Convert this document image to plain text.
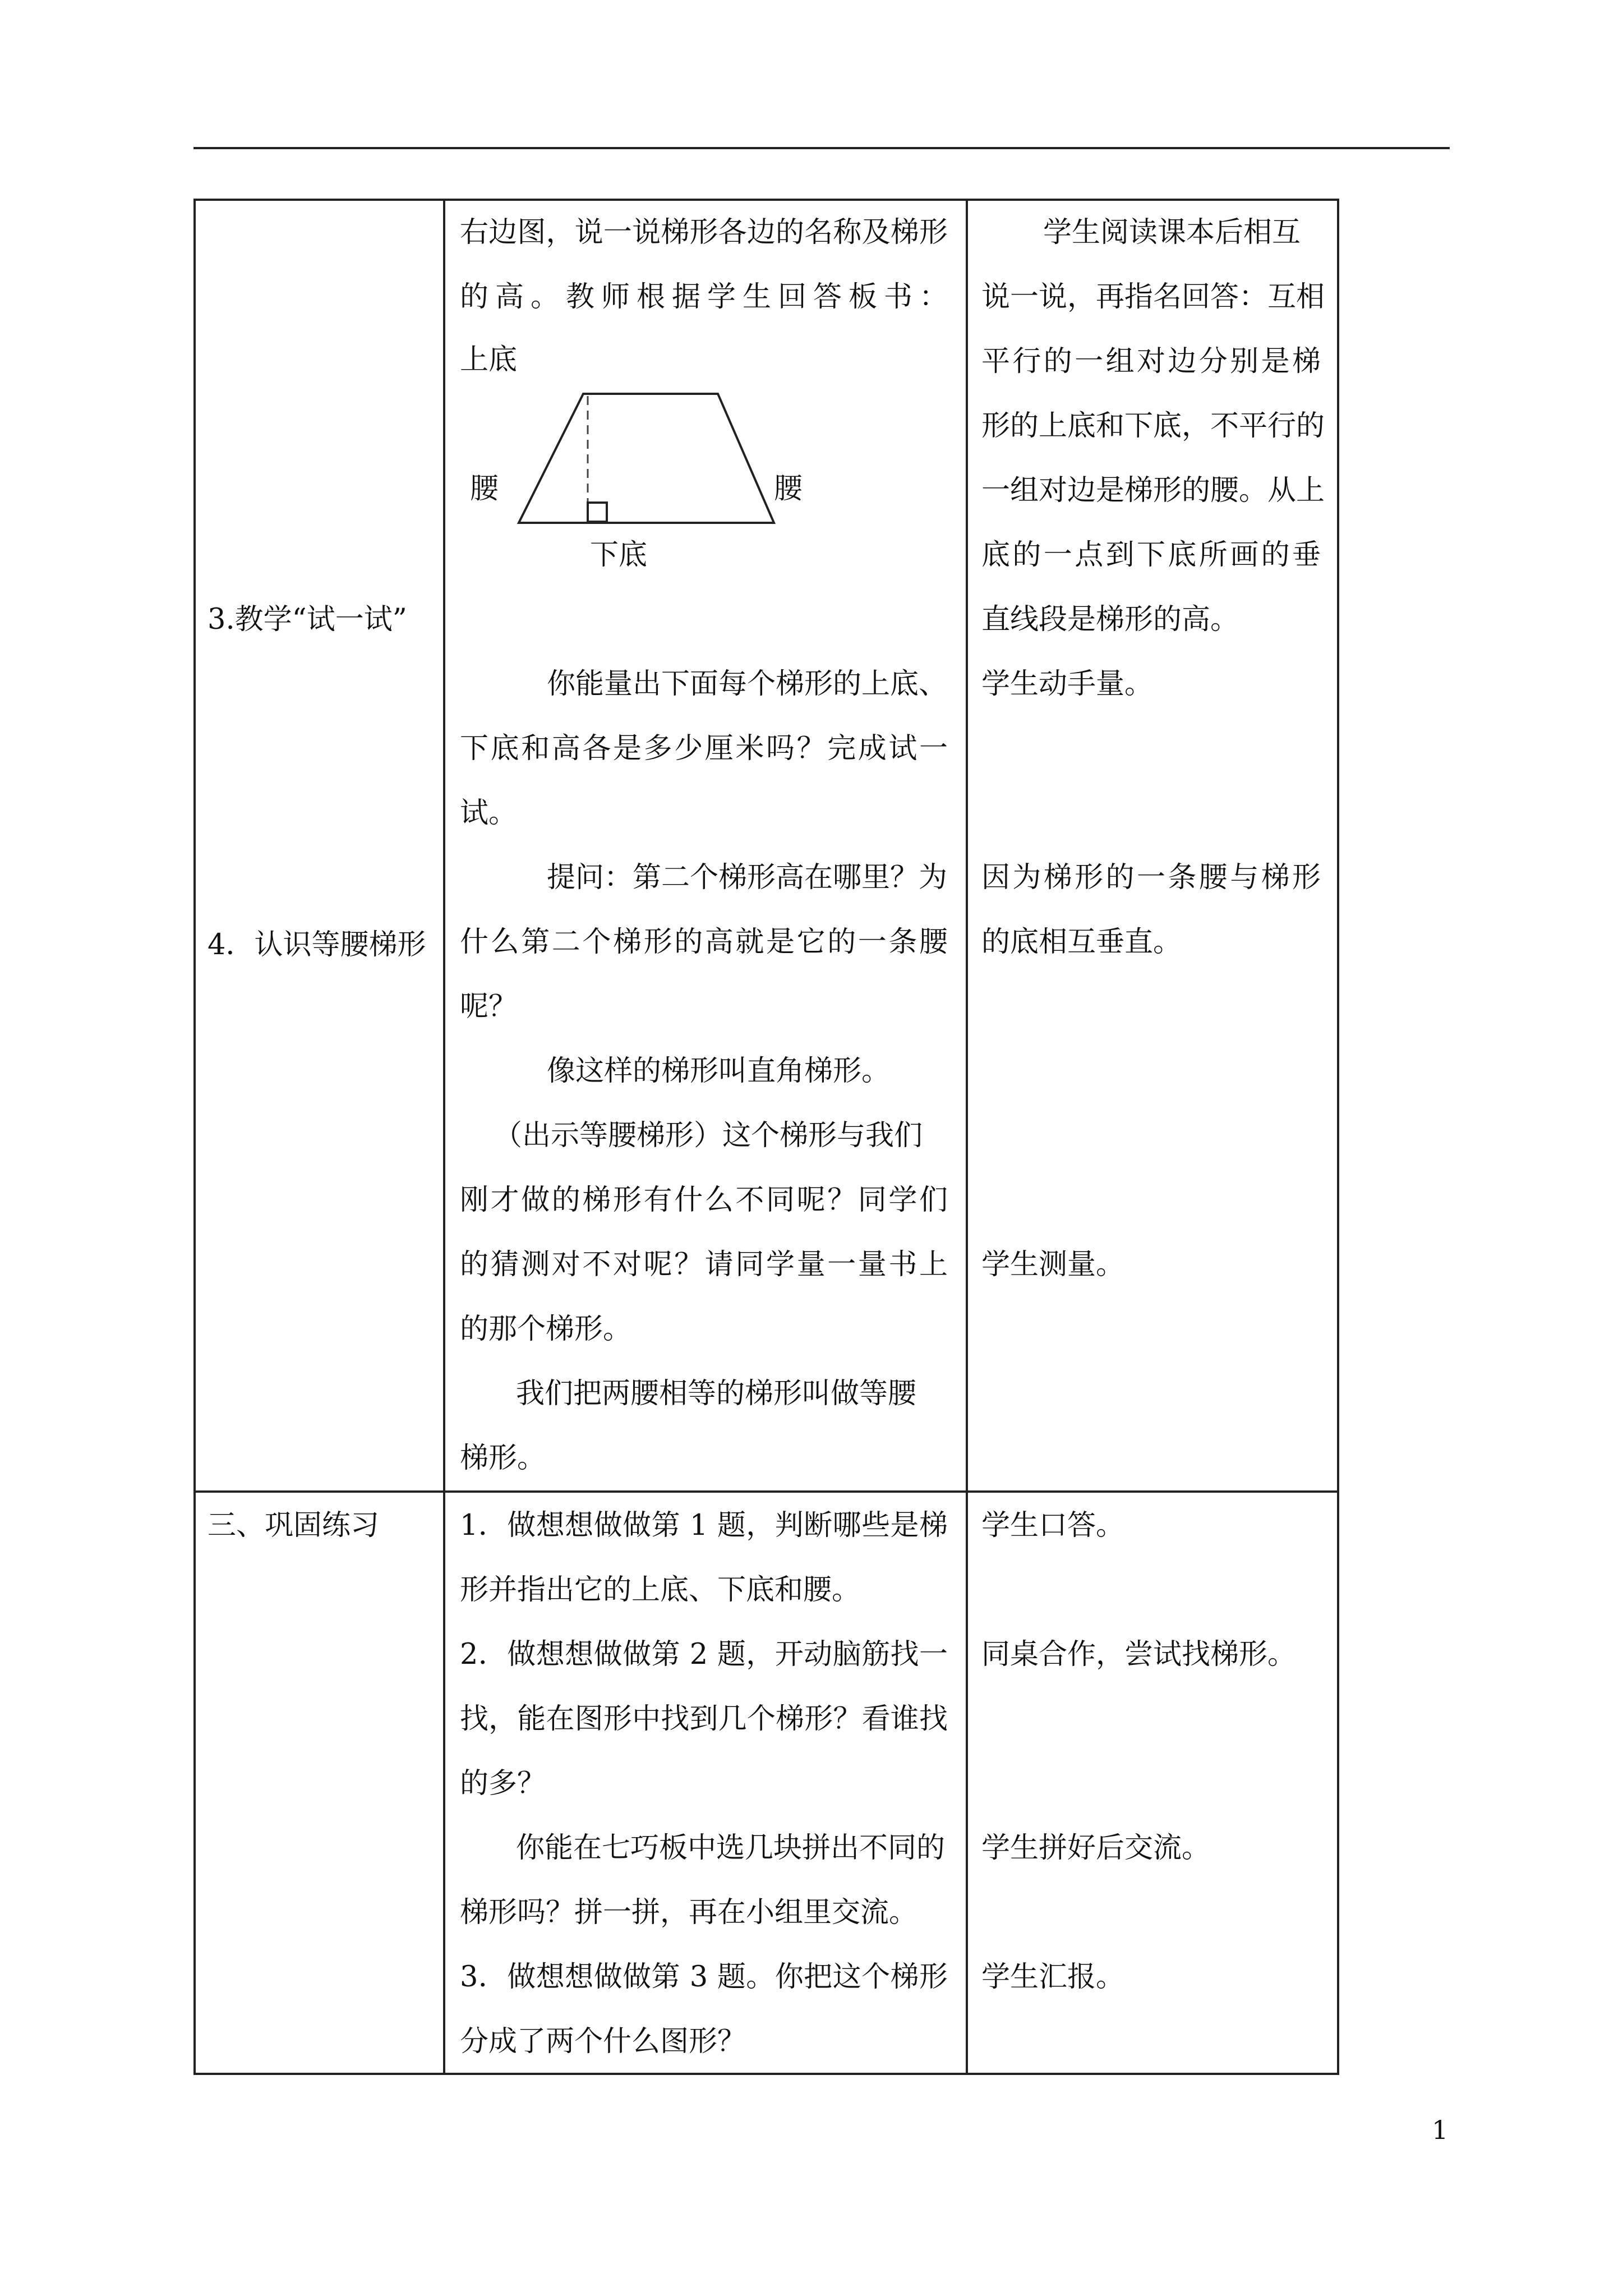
3.教学“试一试”
4．认识等腰梯形
右边图，说一说梯形各边的名称及梯形
的高。教师根据学生回答板书：
上底
腰	腰
下底
你能量出下面每个梯形的上底、
下底和高各是多少厘米吗？完成试一
试。
提问：第二个梯形高在哪里？为
什么第二个梯形的高就是它的一条腰
呢？
像这样的梯形叫直角梯形。
（出示等腰梯形）这个梯形与我们
刚才做的梯形有什么不同呢？同学们
的猜测对不对呢？请同学量一量书上
的那个梯形。
我们把两腰相等的梯形叫做等腰
梯形。
学生阅读课本后相互
说一说，再指名回答：互相
平行的一组对边分别是梯
形的上底和下底，不平行的
一组对边是梯形的腰。从上
底的一点到下底所画的垂
直线段是梯形的高。
学生动手量。
因为梯形的一条腰与梯形
的底相互垂直。
学生测量。
三、巩固练习	1．做想想做做第 1 题，判断哪些是梯
形并指出它的上底、下底和腰。
2．做想想做做第 2 题，开动脑筋找一
找，能在图形中找到几个梯形？看谁找
的多？
你能在七巧板中选几块拼出不同的
梯形吗？拼一拼，再在小组里交流。
3．做想想做做第 3 题。你把这个梯形
分成了两个什么图形？
学生口答。
同桌合作，尝试找梯形。
学生拼好后交流。
学生汇报。
1
